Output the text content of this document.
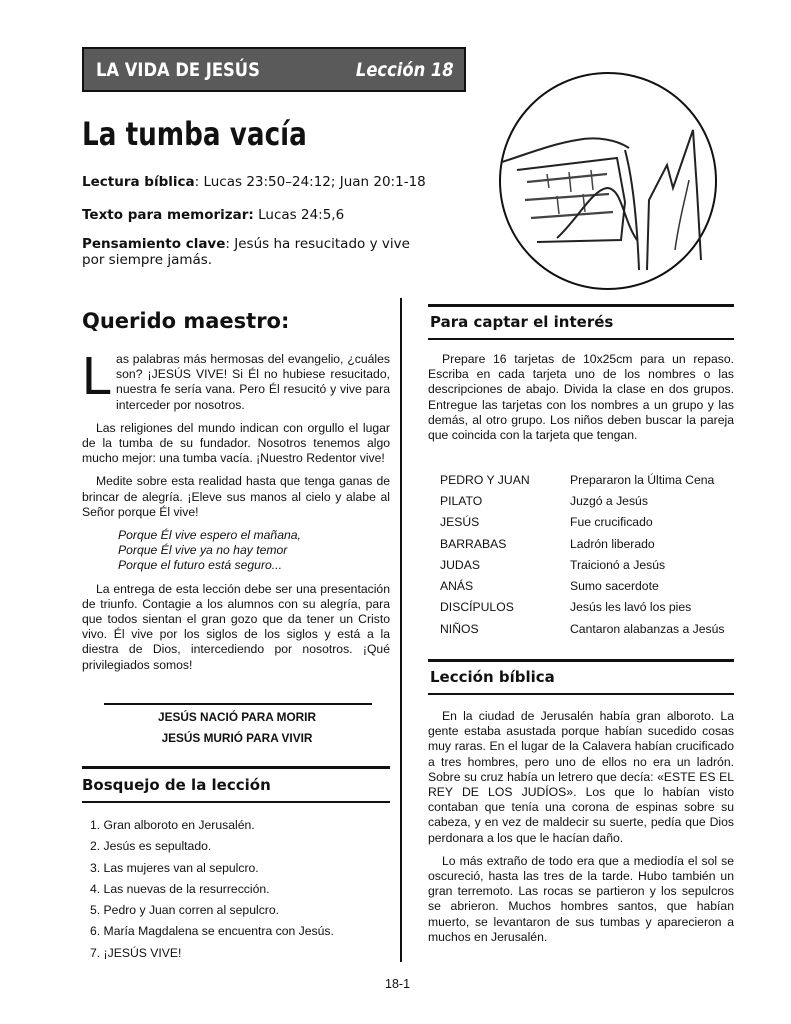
LA VIDA DE JESÚS	Lección 18
La tumba vacía
Lectura bíblica: Lucas 23:50–24:12; Juan 20:1-18
Texto para memorizar: Lucas 24:5,6
Pensamiento clave: Jesús ha resucitado y vive por siempre jamás.
Querido maestro:

Las palabras más hermosas del evangelio, ¿cuáles son? ¡JESÚS VIVE! Si Él no hubiese resucitado, nuestra fe sería vana. Pero Él resucitó y vive para interceder por nosotros.

Las religiones del mundo indican con orgullo el lugar de la tumba de su fundador. Nosotros tenemos algo mucho mejor: una tumba vacía. ¡Nuestro Redentor vive!

Medite sobre esta realidad hasta que tenga ganas de brincar de alegría. ¡Eleve sus manos al cielo y alabe al Señor porque Él vive!

Porque Él vive espero el mañana,
Porque Él vive ya no hay temor
Porque el futuro está seguro...

La entrega de esta lección debe ser una presentación de triunfo. Contagie a los alumnos con su alegría, para que todos sientan el gran gozo que da tener un Cristo vivo. Él vive por los siglos de los siglos y está a la diestra de Dios, intercediendo por nosotros. ¡Qué privilegiados somos!

JESÚS NACIÓ PARA MORIR
JESÚS MURIÓ PARA VIVIR
Bosquejo de la lección
1. Gran alboroto en Jerusalén.
2. Jesús es sepultado.
3. Las mujeres van al sepulcro.
4. Las nuevas de la resurrección.
5. Pedro y Juan corren al sepulcro.
6. María Magdalena se encuentra con Jesús.
7. ¡JESÚS VIVE!
Para captar el interés

Prepare 16 tarjetas de 10x25cm para un repaso. Escriba en cada tarjeta uno de los nombres o las descripciones de abajo. Divida la clase en dos grupos. Entregue las tarjetas con los nombres a un grupo y las demás, al otro grupo. Los niños deben buscar la pareja que coincida con la tarjeta que tengan.

PEDRO Y JUAN	Prepararon la Última Cena
PILATO	Juzgó a Jesús
JESÚS	Fue crucificado
BARRABAS	Ladrón liberado
JUDAS	Traicionó a Jesús
ANÁS	Sumo sacerdote
DISCÍPULOS	Jesús les lavó los pies
NIÑOS	Cantaron alabanzas a Jesús
Lección bíblica

En la ciudad de Jerusalén había gran alboroto. La gente estaba asustada porque habían sucedido cosas muy raras. En el lugar de la Calavera habían crucificado a tres hombres, pero uno de ellos no era un ladrón. Sobre su cruz había un letrero que decía: «ESTE ES EL REY DE LOS JUDÍOS». Los que lo habían visto contaban que tenía una corona de espinas sobre su cabeza, y en vez de maldecir su suerte, pedía que Dios perdonara a los que le hacían daño.

Lo más extraño de todo era que a mediodía el sol se oscureció, hasta las tres de la tarde. Hubo también un gran terremoto. Las rocas se partieron y los sepulcros se abrieron. Muchos hombres santos, que habían muerto, se levantaron de sus tumbas y aparecieron a muchos en Jerusalén.

18-1
